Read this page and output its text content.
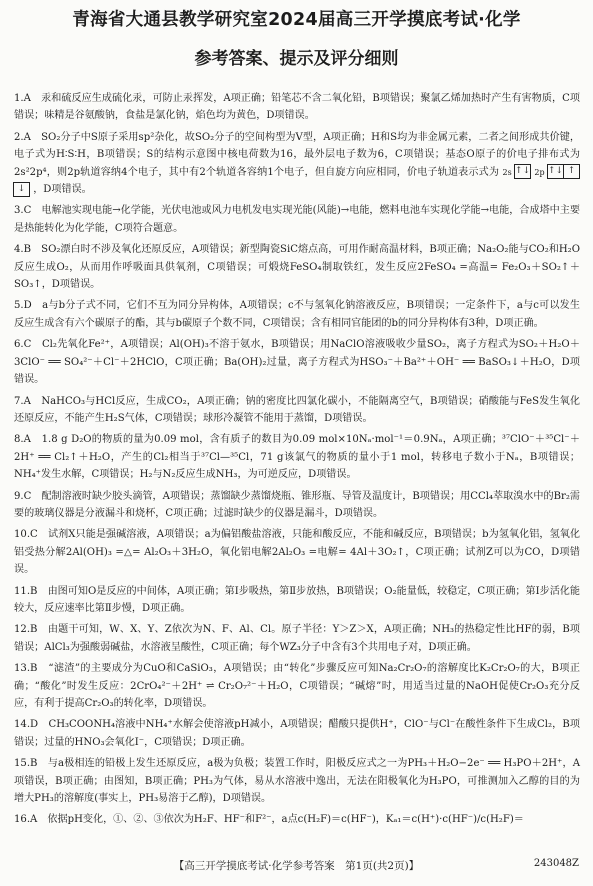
青海省大通县教学研究室2024届高三开学摸底考试·化学
参考答案、提示及评分细则

1.A　汞和硫反应生成硫化汞，可防止汞挥发，A项正确；铅笔芯不含二氧化铅，B项错误；聚氯乙烯加热时产生有害物质，C项错误；味精是谷氨酸钠，食盐是氯化钠，焰色均为黄色，D项错误。

2.A　SO₂分子中S原子采用sp²杂化，故SO₂分子的空间构型为V型，A项正确；H和S均为非金属元素，二者之间形成共价键，电子式为H∶S∶H，B项错误；S的结构示意图中核电荷数为16，最外层电子数为6，C项错误；基态O原子的价电子排布式为2s²2p⁴，则2p轨道容纳4个电子，其中有2个轨道各容纳1个电子，但自旋方向应相同，价电子轨道表示式为 2s ↑↓ 2p ↑↓ ↑↓ ，D项错误。

3.C　电解池实现电能→化学能，光伏电池或风力电机发电实现光能(风能)→电能，燃料电池车实现化学能→电能，合成塔中主要是热能转化为化学能，C项符合题意。

4.B　SO₂漂白时不涉及氧化还原反应，A项错误；新型陶瓷SiC熔点高，可用作耐高温材料，B项正确；Na₂O₂能与CO₂和H₂O反应生成O₂，从而用作呼吸面具供氧剂，C项错误；可煅烧FeSO₄制取铁红，发生反应2FeSO₄ =高温= Fe₂O₃＋SO₂↑＋SO₃↑，D项错误。

5.D　a与b分子式不同，它们不互为同分异构体，A项错误；c不与氢氧化钠溶液反应，B项错误；一定条件下，a与c可以发生反应生成含有六个碳原子的酯，其与b碳原子个数不同，C项错误；含有相同官能团的b的同分异构体有3种，D项正确。

6.C　Cl₂先氧化Fe²⁺，A项错误；Al(OH)₃不溶于氨水，B项错误；用NaClO溶液吸收少量SO₂，离子方程式为SO₂＋H₂O＋3ClO⁻ ══ SO₄²⁻＋Cl⁻＋2HClO，C项正确；Ba(OH)₂过量，离子方程式为HSO₃⁻＋Ba²⁺＋OH⁻ ══ BaSO₃↓＋H₂O，D项错误。

7.A　NaHCO₃与HCl反应，生成CO₂，A项正确；钠的密度比四氯化碳小，不能隔离空气，B项错误；硝酸能与FeS发生氧化还原反应，不能产生H₂S气体，C项错误；球形冷凝管不能用于蒸馏，D项错误。

8.A　1.8 g D₂O的物质的量为0.09 mol，含有质子的数目为0.09 mol×10Nₐ·mol⁻¹＝0.9Nₐ，A项正确；³⁷ClO⁻＋³⁵Cl⁻＋2H⁺ ══ Cl₂↑＋H₂O，产生的Cl₂相当于³⁷Cl—³⁵Cl，71 g该氯气的物质的量小于1 mol，转移电子数小于Nₐ，B项错误；NH₄⁺发生水解，C项错误；H₂与N₂反应生成NH₃，为可逆反应，D项错误。

9.C　配制溶液时缺少胶头滴管，A项错误；蒸馏缺少蒸馏烧瓶、锥形瓶、导管及温度计，B项错误；用CCl₄萃取溴水中的Br₂需要的玻璃仪器是分液漏斗和烧杯，C项正确；过滤时缺少的仪器是漏斗，D项错误。

10.C　试剂X只能是强碱溶液，A项错误；a为偏铝酸盐溶液，只能和酸反应，不能和碱反应，B项错误；b为氢氧化铝，氢氧化铝受热分解2Al(OH)₃ =△= Al₂O₃＋3H₂O，氧化铝电解2Al₂O₃ =电解= 4Al＋3O₂↑，C项正确；试剂Z可以为CO，D项错误。

11.B　由图可知O是反应的中间体，A项正确；第Ⅰ步吸热，第Ⅱ步放热，B项错误；O₂能量低，较稳定，C项正确；第Ⅰ步活化能较大，反应速率比第Ⅱ步慢，D项正确。

12.B　由题干可知，W、X、Y、Z依次为N、F、Al、Cl。原子半径：Y＞Z＞X，A项正确；NH₃的热稳定性比HF的弱，B项错误；AlCl₃为强酸弱碱盐，水溶液呈酸性，C项正确；每个WZ₃分子中含有3个共用电子对，D项正确。

13.B　“滤渣”的主要成分为CuO和CaSiO₃，A项错误；由“转化”步骤反应可知Na₂Cr₂O₇的溶解度比K₂Cr₂O₇的大，B项正确；“酸化”时发生反应：2CrO₄²⁻＋2H⁺ ⇌ Cr₂O₇²⁻＋H₂O，C项错误；“碱熔”时，用适当过量的NaOH促使Cr₂O₃充分反应，有利于提高Cr₂O₃的转化率，D项错误。

14.D　CH₃COONH₄溶液中NH₄⁺水解会使溶液pH减小，A项错误；醋酸只提供H⁺，ClO⁻与Cl⁻在酸性条件下生成Cl₂，B项错误；过量的HNO₃会氧化I⁻，C项错误；D项正确。

15.B　与a极相连的铅极上发生还原反应，a极为负极；装置工作时，阳极反应式之一为PH₃＋H₂O−2e⁻ ══ H₃PO＋2H⁺，A项错误，B项正确；由图知，B项正确；PH₃为气体，易从水溶液中逸出，无法在阳极氧化为H₃PO，可推测加入乙醇的目的为增大PH₃的溶解度(事实上，PH₃易溶于乙醇)，D项错误。

16.A　依据pH变化，①、②、③依次为H₂F、HF⁻和F²⁻，a点c(H₂F)＝c(HF⁻)，Kₐ₁＝c(H⁺)·c(HF⁻)/c(H₂F)＝

【高三开学摸底考试·化学参考答案　第1页(共2页)】	243048Z
